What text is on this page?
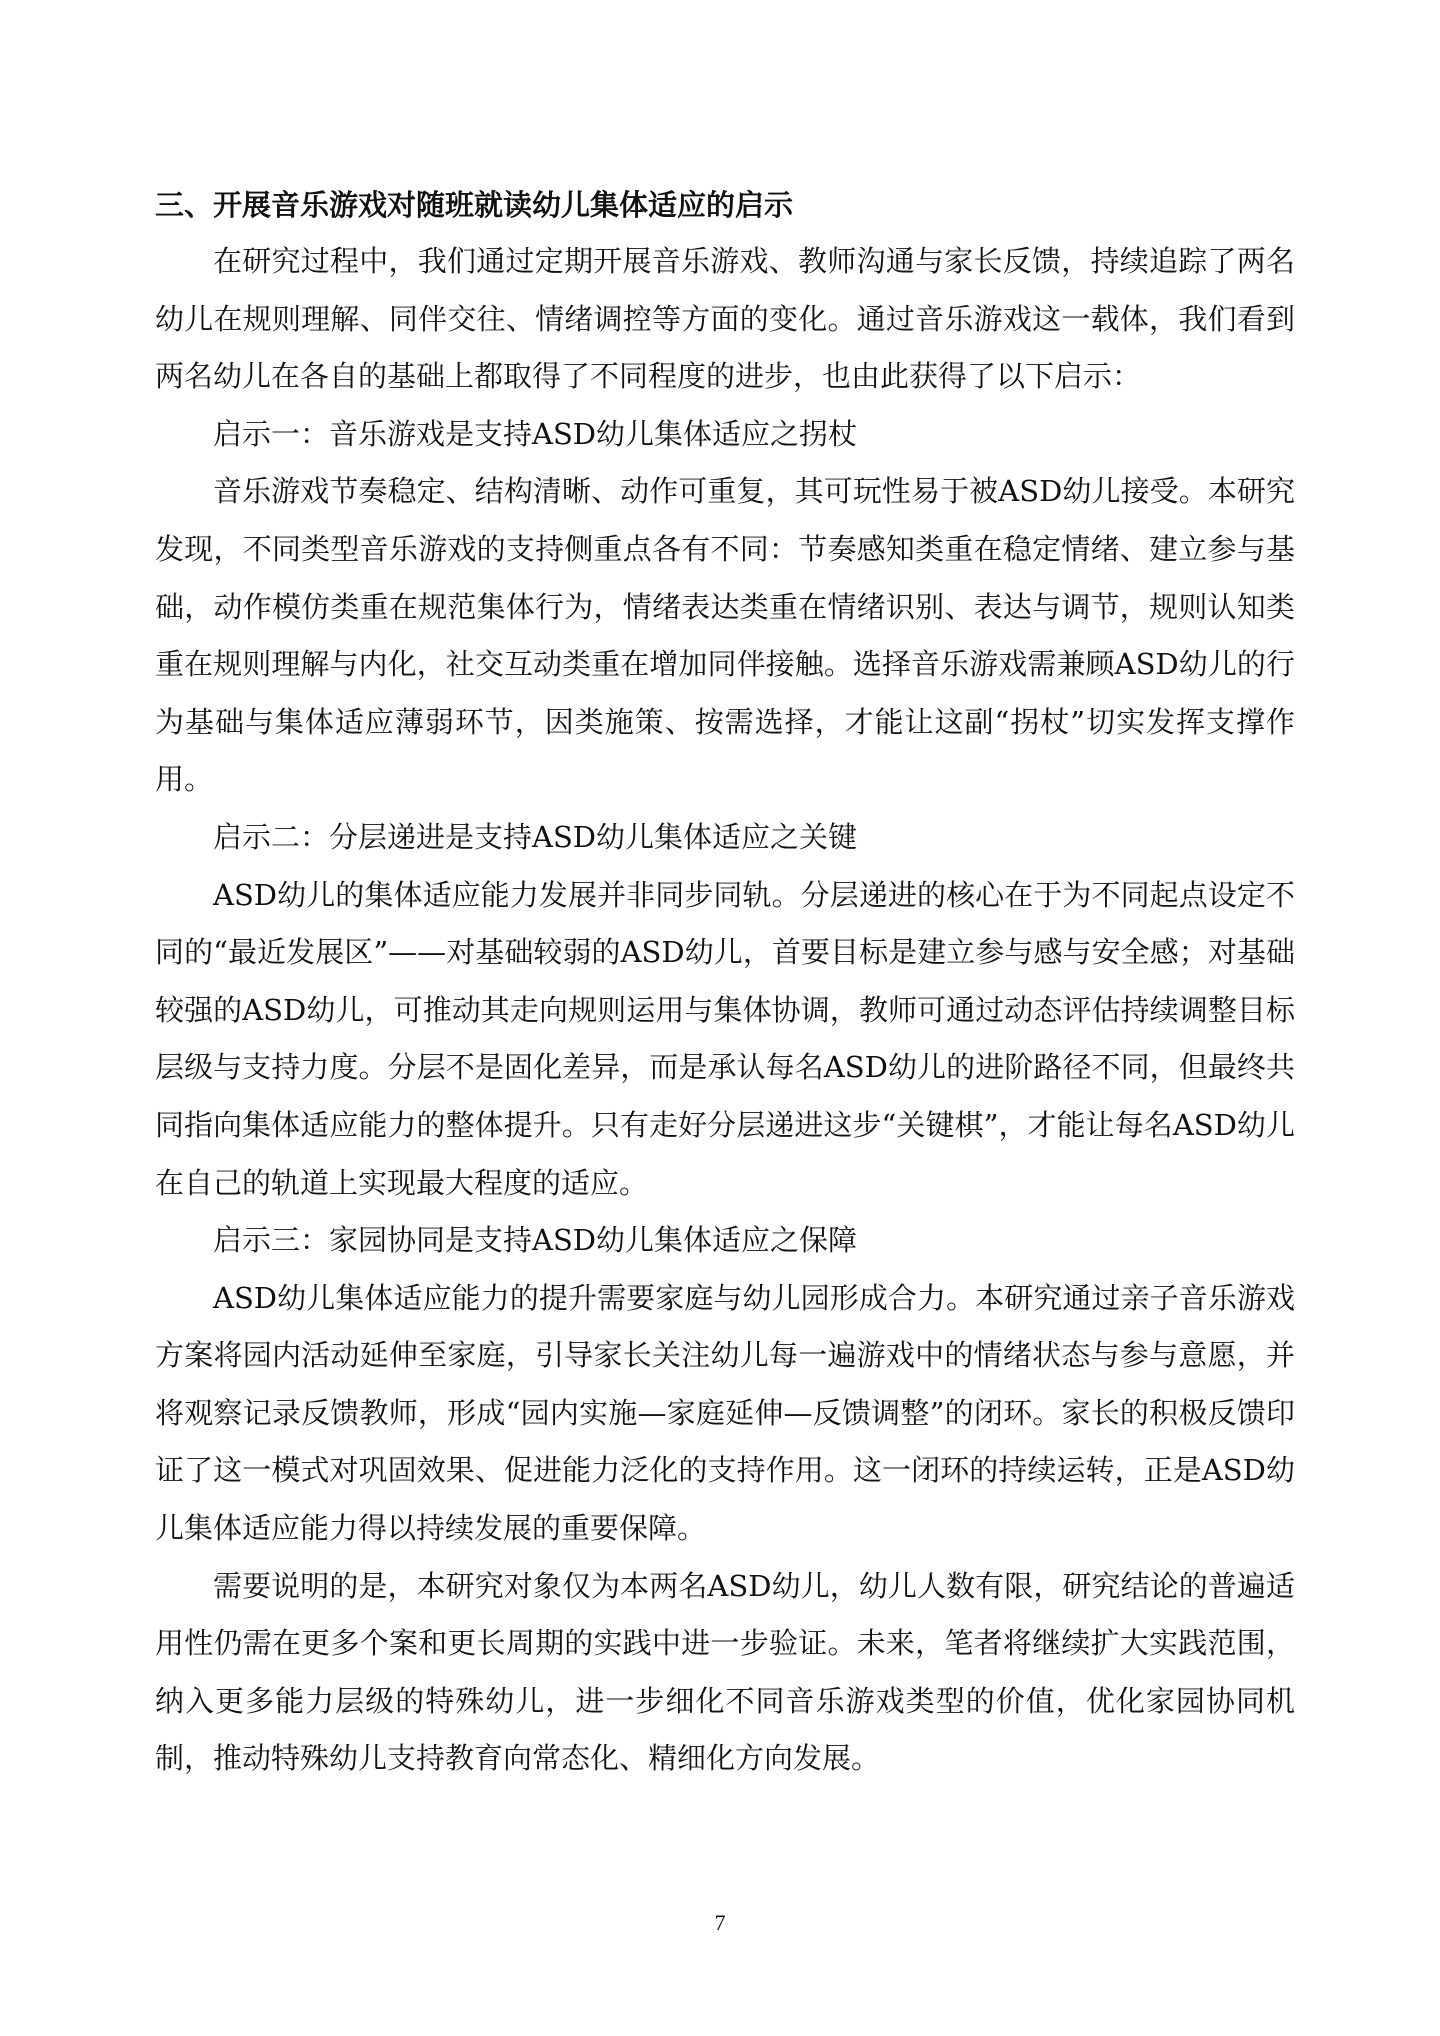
三、开展音乐游戏对随班就读幼儿集体适应的启示

在研究过程中，我们通过定期开展音乐游戏、教师沟通与家长反馈，持续追踪了两名幼儿在规则理解、同伴交往、情绪调控等方面的变化。通过音乐游戏这一载体，我们看到两名幼儿在各自的基础上都取得了不同程度的进步，也由此获得了以下启示：

启示一：音乐游戏是支持ASD幼儿集体适应之拐杖

音乐游戏节奏稳定、结构清晰、动作可重复，其可玩性易于被ASD幼儿接受。本研究发现，不同类型音乐游戏的支持侧重点各有不同：节奏感知类重在稳定情绪、建立参与基础，动作模仿类重在规范集体行为，情绪表达类重在情绪识别、表达与调节，规则认知类重在规则理解与内化，社交互动类重在增加同伴接触。选择音乐游戏需兼顾ASD幼儿的行为基础与集体适应薄弱环节，因类施策、按需选择，才能让这副“拐杖”切实发挥支撑作用。

启示二：分层递进是支持ASD幼儿集体适应之关键

ASD幼儿的集体适应能力发展并非同步同轨。分层递进的核心在于为不同起点设定不同的“最近发展区”——对基础较弱的ASD幼儿，首要目标是建立参与感与安全感；对基础较强的ASD幼儿，可推动其走向规则运用与集体协调，教师可通过动态评估持续调整目标层级与支持力度。分层不是固化差异，而是承认每名ASD幼儿的进阶路径不同，但最终共同指向集体适应能力的整体提升。只有走好分层递进这步“关键棋”，才能让每名ASD幼儿在自己的轨道上实现最大程度的适应。

启示三：家园协同是支持ASD幼儿集体适应之保障

ASD幼儿集体适应能力的提升需要家庭与幼儿园形成合力。本研究通过亲子音乐游戏方案将园内活动延伸至家庭，引导家长关注幼儿每一遍游戏中的情绪状态与参与意愿，并将观察记录反馈教师，形成“园内实施—家庭延伸—反馈调整”的闭环。家长的积极反馈印证了这一模式对巩固效果、促进能力泛化的支持作用。这一闭环的持续运转，正是ASD幼儿集体适应能力得以持续发展的重要保障。

需要说明的是，本研究对象仅为本两名ASD幼儿，幼儿人数有限，研究结论的普遍适用性仍需在更多个案和更长周期的实践中进一步验证。未来，笔者将继续扩大实践范围，纳入更多能力层级的特殊幼儿，进一步细化不同音乐游戏类型的价值，优化家园协同机制，推动特殊幼儿支持教育向常态化、精细化方向发展。

7
